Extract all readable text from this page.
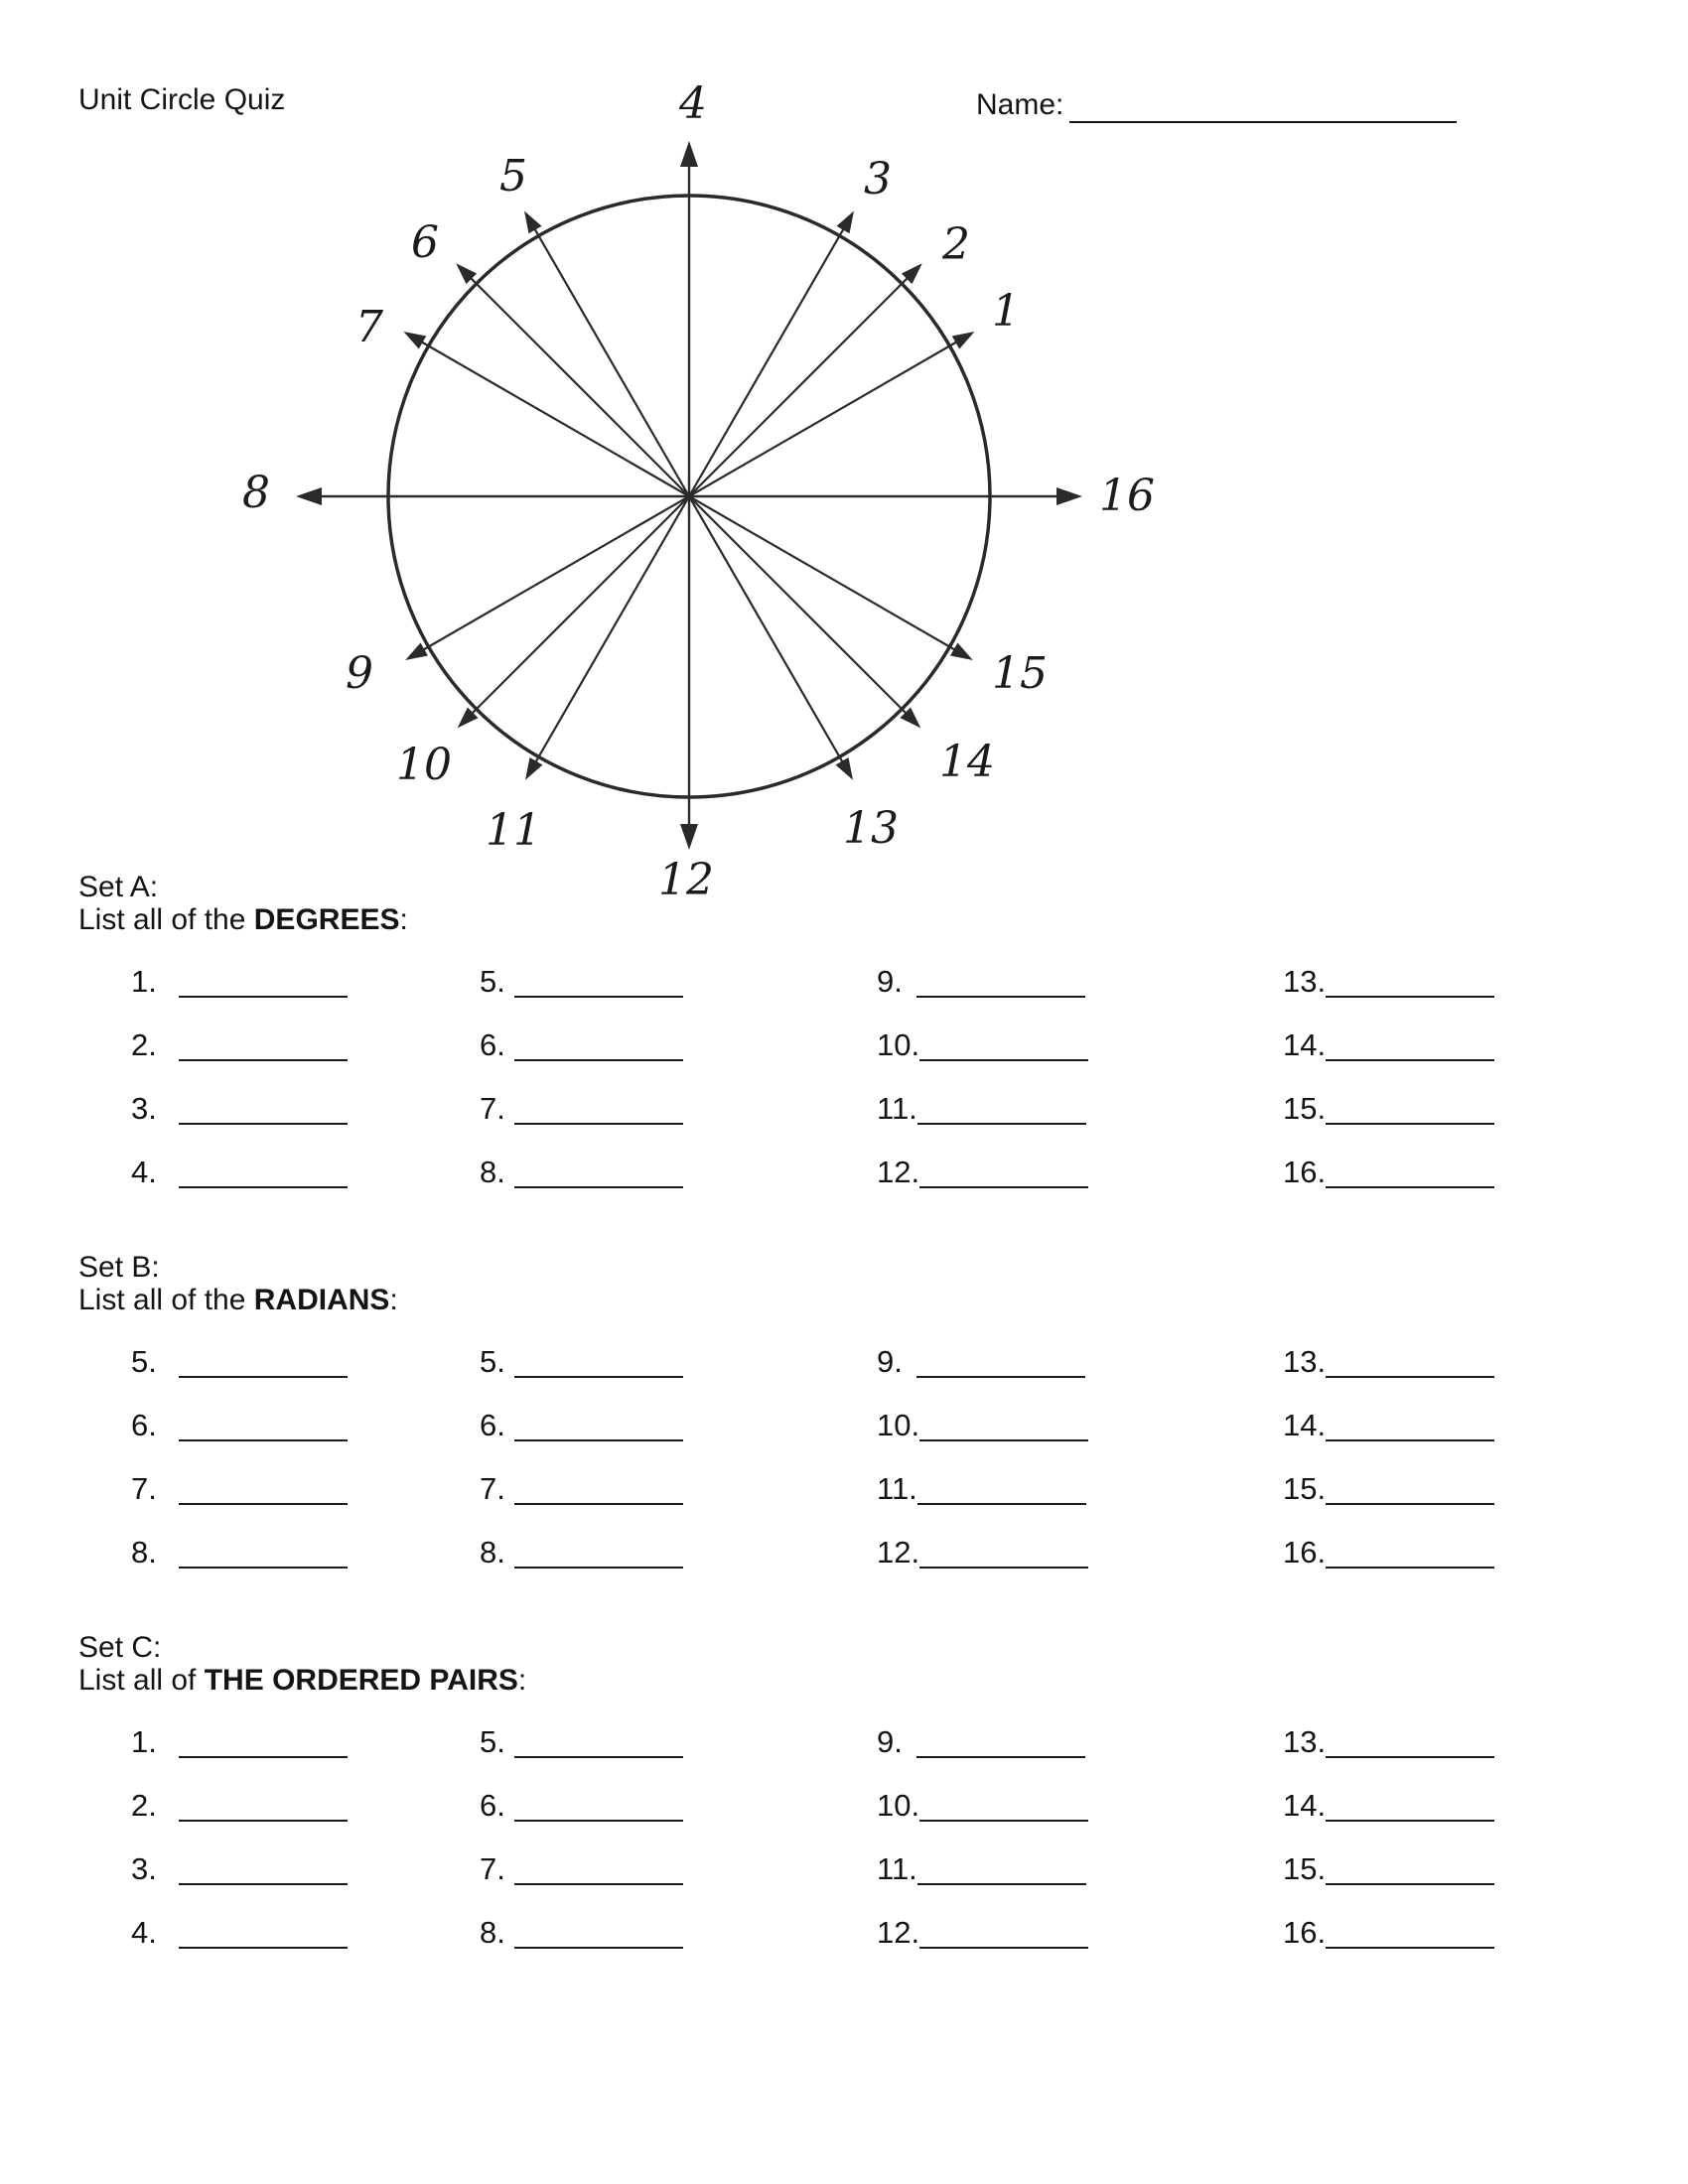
Unit Circle Quiz	Name:
1
2
3
4
5
6
7
8
9
10
11
12
13
14
15
16
Set A:
List all of the DEGREES:
1.
2.
3.
4.
5.
6.
7.
8.
9.
10.
11.
12.
13.
14.
15.
16.
Set B:
List all of the RADIANS:
5.
6.
7.
8.
5.
6.
7.
8.
9.
10.
11.
12.
13.
14.
15.
16.
Set C:
List all of THE ORDERED PAIRS:
1.
2.
3.
4.
5.
6.
7.
8.
9.
10.
11.
12.
13.
14.
15.
16.
